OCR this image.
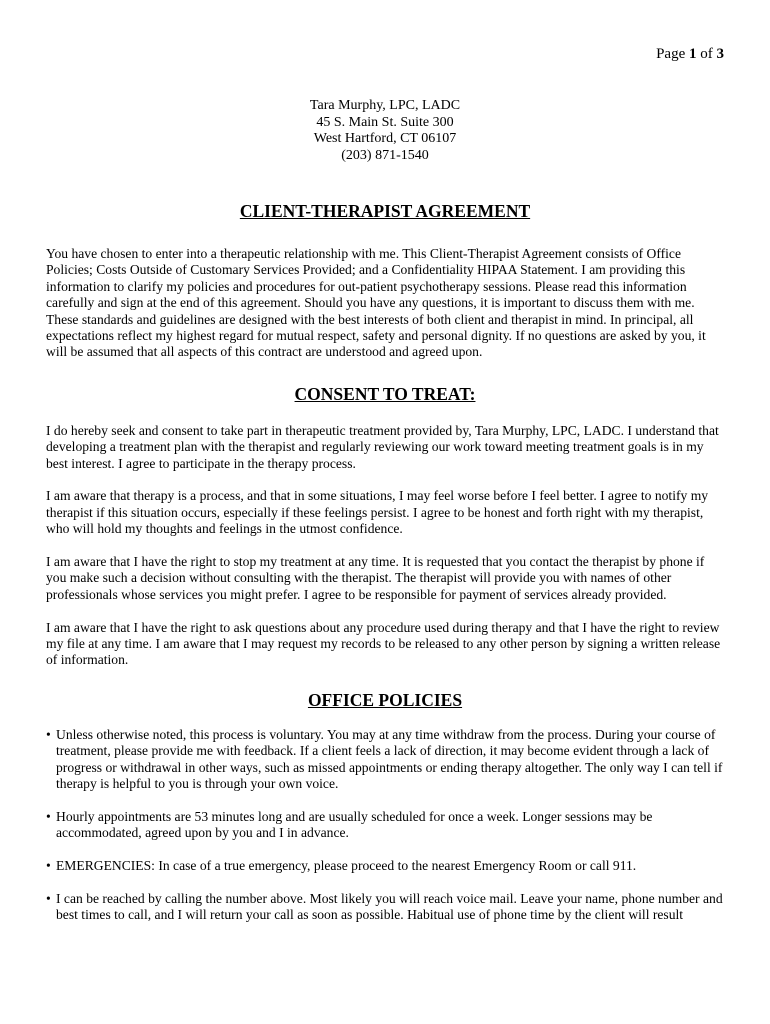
Page 1 of 3
Tara Murphy, LPC, LADC
45 S. Main St. Suite 300
West Hartford, CT 06107
(203) 871-1540
CLIENT-THERAPIST AGREEMENT

You have chosen to enter into a therapeutic relationship with me. This Client-Therapist Agreement consists of Office Policies; Costs Outside of Customary Services Provided; and a Confidentiality HIPAA Statement. I am providing this information to clarify my policies and procedures for out-patient psychotherapy sessions. Please read this information carefully and sign at the end of this agreement. Should you have any questions, it is important to discuss them with me. These standards and guidelines are designed with the best interests of both client and therapist in mind. In principal, all expectations reflect my highest regard for mutual respect, safety and personal dignity. If no questions are asked by you, it will be assumed that all aspects of this contract are understood and agreed upon.

CONSENT TO TREAT:

I do hereby seek and consent to take part in therapeutic treatment provided by, Tara Murphy, LPC, LADC. I understand that developing a treatment plan with the therapist and regularly reviewing our work toward meeting treatment goals is in my best interest. I agree to participate in the therapy process.

I am aware that therapy is a process, and that in some situations, I may feel worse before I feel better. I agree to notify my therapist if this situation occurs, especially if these feelings persist. I agree to be honest and forth right with my therapist, who will hold my thoughts and feelings in the utmost confidence.

I am aware that I have the right to stop my treatment at any time. It is requested that you contact the therapist by phone if you make such a decision without consulting with the therapist. The therapist will provide you with names of other professionals whose services you might prefer. I agree to be responsible for payment of services already provided.

I am aware that I have the right to ask questions about any procedure used during therapy and that I have the right to review my file at any time. I am aware that I may request my records to be released to any other person by signing a written release of information.

OFFICE POLICIES
• Unless otherwise noted, this process is voluntary. You may at any time withdraw from the process. During your course of treatment, please provide me with feedback. If a client feels a lack of direction, it may become evident through a lack of progress or withdrawal in other ways, such as missed appointments or ending therapy altogether. The only way I can tell if therapy is helpful to you is through your own voice.
• Hourly appointments are 53 minutes long and are usually scheduled for once a week. Longer sessions may be accommodated, agreed upon by you and I in advance.
• EMERGENCIES: In case of a true emergency, please proceed to the nearest Emergency Room or call 911.
• I can be reached by calling the number above. Most likely you will reach voice mail. Leave your name, phone number and best times to call, and I will return your call as soon as possible. Habitual use of phone time by the client will result
